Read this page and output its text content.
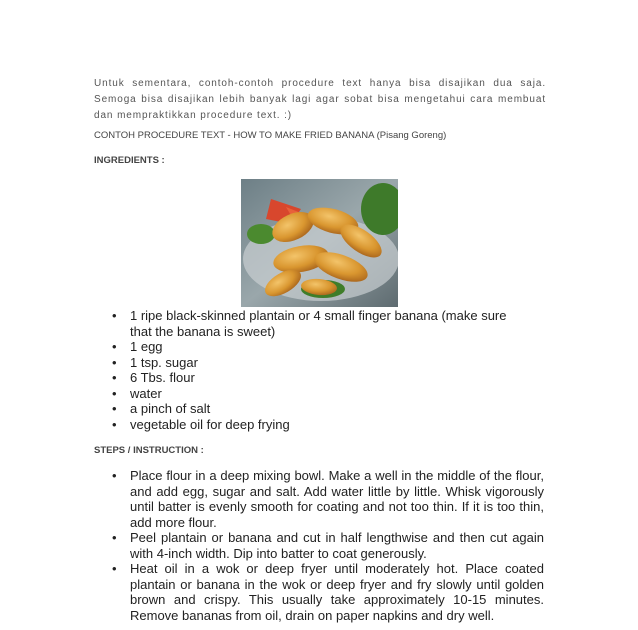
Untuk sementara, contoh-contoh procedure text hanya bisa disajikan dua saja. Semoga bisa disajikan lebih banyak lagi agar sobat bisa mengetahui cara membuat dan mempraktikkan procedure text. :)
CONTOH PROCEDURE TEXT - HOW TO MAKE FRIED BANANA (Pisang Goreng)
INGREDIENTS :
• 1 ripe black-skinned plantain or 4 small finger banana (make sure that the banana is sweet)
• 1 egg
• 1 tsp. sugar
• 6 Tbs. flour
• water
• a pinch of salt
• vegetable oil for deep frying
STEPS / INSTRUCTION :
• Place flour in a deep mixing bowl. Make a well in the middle of the flour, and add egg, sugar and salt. Add water little by little. Whisk vigorously until batter is evenly smooth for coating and not too thin. If it is too thin, add more flour.
• Peel plantain or banana and cut in half lengthwise and then cut again with 4-inch width. Dip into batter to coat generously.
• Heat oil in a wok or deep fryer until moderately hot. Place coated plantain or banana in the wok or deep fryer and fry slowly until golden brown and crispy. This usually take approximately 10-15 minutes. Remove bananas from oil, drain on paper napkins and dry well.
